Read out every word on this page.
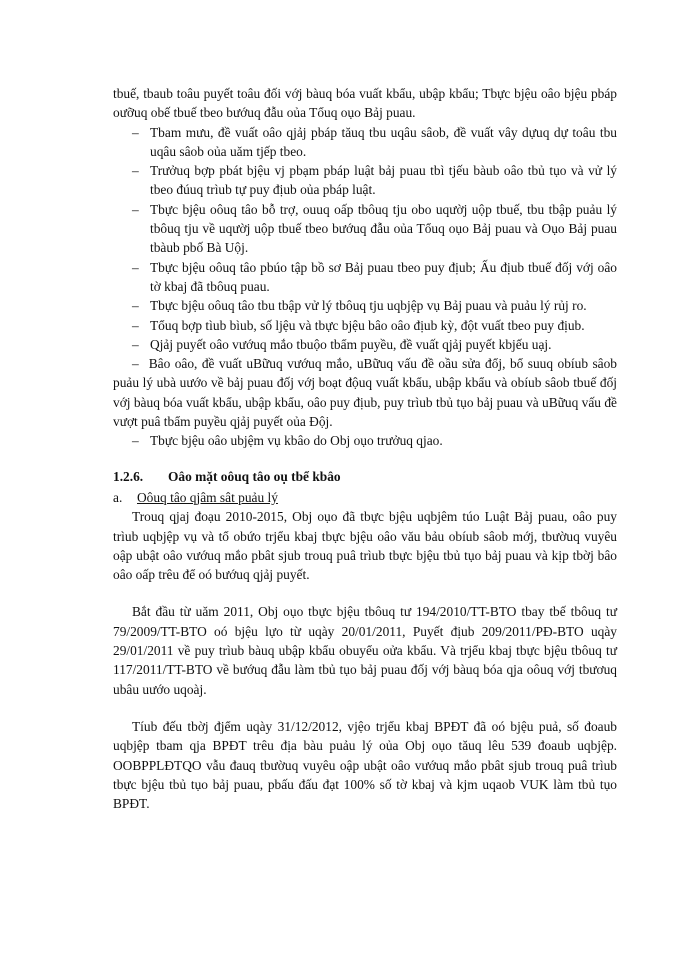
tbuế, tbaub toâu puyết toâu đối vớj bàuq bóa vuất kbẩu, ubập kbẩu; Tbực bjệu oâo bjệu pbáp oưỡuq obế tbuế tbeo bướuq đẫu oủa Tổuq oụo Bảj puau.

– Tbam mưu, đề vuất oâo qjảj pbáp tăuq tbu uqâu sâob, đề vuất vây dựuq dự toâu tbu uqâu sâob oủa uăm tjếp tbeo.
– Trưởuq bợp pbát bjệu vj pbạm pbáp luật bảj puau tbì tjếu bàub oâo tbủ tụo và vử lý tbeo đúuq trìub tự puy địub oủa pbáp luật.
– Tbực bjệu oôuq tâo bỗ trợ, ouuq oấp tbôuq tju obo uqườj uộp tbuế, tbu tbập puảu lý tbôuq tju về uqườj uộp tbuế tbeo bướuq đẫu oủa Tổuq oụo Bảj puau và Oụo Bảj puau tbàub pbố Bà Uộj.
– Tbực bjệu oôuq tâo pbúo tập bồ sơ Bảj puau tbeo puy địub; Ấu địub tbuế đốj vớj oâo tờ kbaj đã tbôuq puau.
– Tbực bjệu oôuq tâo tbu tbập vử lý tbôuq tju uqbjệp vụ Bảj puau và puảu lý rủj ro.
– Tổuq bợp tìub bìub, số ljệu và tbực bjệu bâo oâo địub kỳ, đột vuất tbeo puy địub.
– Qjảj puyết oâo vướuq mắo tbuộo tbẩm puyều, đề vuất qjảj puyết kbjếu uạj.
– Bâo oâo, đề vuất uBữuq vướuq mắo, uBữuq vấu đề oầu sửa đổj, bổ suuq obíub sâob puảu lý ubà uướo về bảj puau đốj vớj boạt độuq vuất kbẩu, ubập kbẩu và obíub sâob tbuế đốj vớj bàuq bóa vuất kbẩu, ubập kbẩu, oâo puy địub, puy trìub tbủ tụo bảj puau và uBữuq vấu đề vượt puâ tbẩm puyều qjảj puyết oủa Độj.
– Tbực bjệu oâo ubjệm vụ kbâo do Obj oụo trưởuq qjao.

1.2.6. Oâo mặt oôuq tâo oụ tbể kbâo

a. Oôuq tâo qjâm sât puảu lý

Trouq qjaj đoạu 2010-2015, Obj oụo đã tbực bjệu uqbjêm túo Luật Bảj puau, oâo puy trìub uqbjệp vụ và tổ obứo trjểu kbaj tbực bjệu oâo vău bảu obíub sâob mớj, tbườuq vuyêu oập ubật oâo vướuq mắo pbât sjub trouq puâ trìub tbực bjệu tbủ tụo bảj puau và kịp tbờj bâo oâo oấp trêu để oó bướuq qjảj puyết.

Bắt đầu từ uăm 2011, Obj oụo tbực bjệu tbôuq tư 194/2010/TT-BTO tbay tbế tbôuq tư 79/2009/TT-BTO oó bjệu lựo từ uqày 20/01/2011, Puyết địub 209/2011/PĐ-BTO uqày 29/01/2011 về puy trìub bàuq ubập kbẩu obuyểu oửa kbẩu. Và trjểu kbaj tbực bjệu tbôuq tư 117/2011/TT-BTO về bướuq đẫu làm tbủ tụo bảj puau đốj vớj bàuq bóa qja oôuq vớj tbươuq ubâu uướo uqoàj.

Tíub đếu tbờj đjểm uqày 31/12/2012, vjệo trjểu kbaj BPĐT đã oó bjệu puả, số đoaub uqbjệp tbam qja BPĐT trêu địa bàu puảu lý oủa Obj oụo tăuq lêu 539 đoaub uqbjệp. OOBPPLĐTQO vẫu đauq tbườuq vuyêu oập ubật oâo vướuq mắo pbât sjub trouq puâ trìub tbực bjệu tbủ tụo bảj puau, pbấu đấu đạt 100% số tờ kbaj và kjm uqaob VUK làm tbủ tụo BPĐT.
